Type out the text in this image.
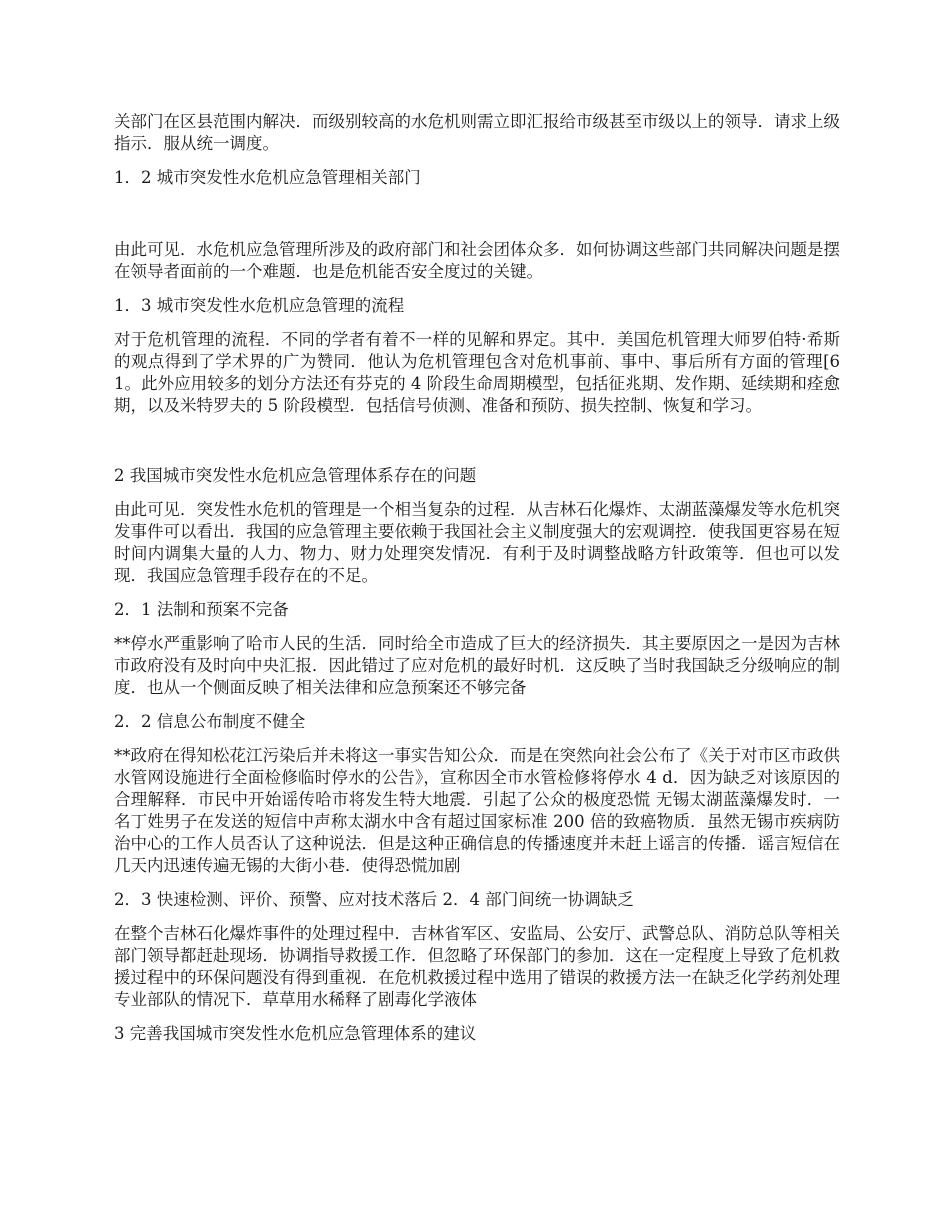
关部门在区县范围内解决．而级别较高的水危机则需立即汇报给市级甚至市级以上的领导．请求上级指示．服从统一调度。

1．2 城市突发性水危机应急管理相关部门

由此可见．水危机应急管理所涉及的政府部门和社会团体众多．如何协调这些部门共同解决问题是摆在领导者面前的一个难题．也是危机能否安全度过的关键。

1．3 城市突发性水危机应急管理的流程

对于危机管理的流程．不同的学者有着不一样的见解和界定。其中．美国危机管理大师罗伯特·希斯的观点得到了学术界的广为赞同．他认为危机管理包含对危机事前、事中、事后所有方面的管理[61。此外应用较多的划分方法还有芬克的 4 阶段生命周期模型，包括征兆期、发作期、延续期和痊愈期，以及米特罗夫的 5 阶段模型．包括信号侦测、准备和预防、损失控制、恢复和学习。

2 我国城市突发性水危机应急管理体系存在的问题

由此可见．突发性水危机的管理是一个相当复杂的过程．从吉林石化爆炸、太湖蓝藻爆发等水危机突发事件可以看出．我国的应急管理主要依赖于我国社会主义制度强大的宏观调控．使我国更容易在短时间内调集大量的人力、物力、财力处理突发情况．有利于及时调整战略方针政策等．但也可以发现．我国应急管理手段存在的不足。

2．1 法制和预案不完备

**停水严重影响了哈市人民的生活．同时给全市造成了巨大的经济损失．其主要原因之一是因为吉林市政府没有及时向中央汇报．因此错过了应对危机的最好时机．这反映了当时我国缺乏分级响应的制度．也从一个侧面反映了相关法律和应急预案还不够完备

2．2 信息公布制度不健全

**政府在得知松花江污染后并未将这一事实告知公众．而是在突然向社会公布了《关于对市区市政供水管网设施进行全面检修临时停水的公告》，宣称因全市水管检修将停水 4 d．因为缺乏对该原因的合理解释．市民中开始谣传哈市将发生特大地震．引起了公众的极度恐慌 无锡太湖蓝藻爆发时．一名丁姓男子在发送的短信中声称太湖水中含有超过国家标准 200 倍的致癌物质．虽然无锡市疾病防治中心的工作人员否认了这种说法．但是这种正确信息的传播速度并未赶上谣言的传播．谣言短信在几天内迅速传遍无锡的大街小巷．使得恐慌加剧

2．3 快速检测、评价、预警、应对技术落后 2．4 部门间统一协调缺乏

在整个吉林石化爆炸事件的处理过程中．吉林省军区、安监局、公安厅、武警总队、消防总队等相关部门领导都赶赴现场．协调指导救援工作．但忽略了环保部门的参加．这在一定程度上导致了危机救援过程中的环保问题没有得到重视．在危机救援过程中选用了错误的救援方法一在缺乏化学药剂处理专业部队的情况下．草草用水稀释了剧毒化学液体

3 完善我国城市突发性水危机应急管理体系的建议
